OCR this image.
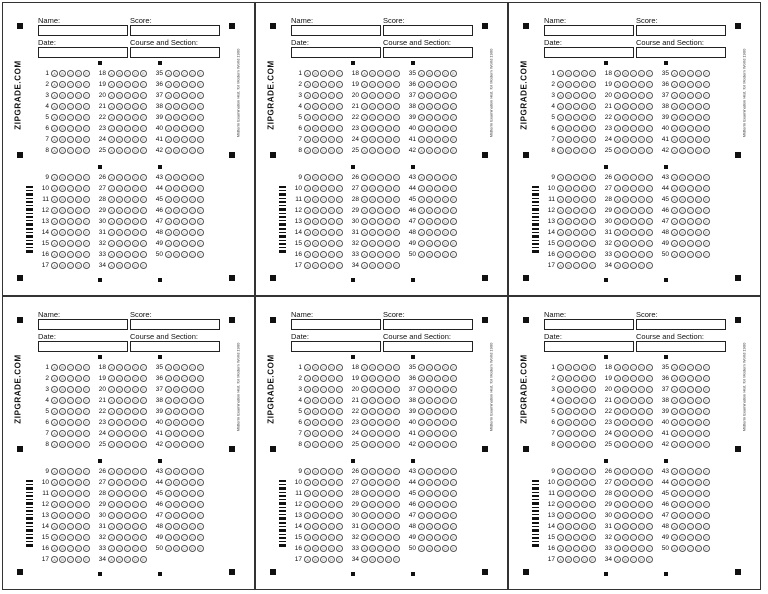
Name:	Score:
Date:	Course and Section:
ZIPGRADE.COM	Midterm Examination Hist. for Modern World 1900
1	A	B	C	D	E
2	A	B	C	D	E
3	A	B	C	D	E
4	A	B	C	D	E
5	A	B	C	D	E
6	A	B	C	D	E
7	A	B	C	D	E
8	A	B	C	D	E
18	A	B	C	D	E
19	A	B	C	D	E
20	A	B	C	D	E
21	A	B	C	D	E
22	A	B	C	D	E
23	A	B	C	D	E
24	A	B	C	D	E
25	A	B	C	D	E
35	A	B	C	D	E
36	A	B	C	D	E
37	A	B	C	D	E
38	A	B	C	D	E
39	A	B	C	D	E
40	A	B	C	D	E
41	A	B	C	D	E
42	A	B	C	D	E
9	A	B	C	D	E
10	A	B	C	D	E
11	A	B	C	D	E
12	A	B	C	D	E
13	A	B	C	D	E
14	A	B	C	D	E
15	A	B	C	D	E
16	A	B	C	D	E
17	A	B	C	D	E
26	A	B	C	D	E
27	A	B	C	D	E
28	A	B	C	D	E
29	A	B	C	D	E
30	A	B	C	D	E
31	A	B	C	D	E
32	A	B	C	D	E
33	A	B	C	D	E
34	A	B	C	D	E
43	A	B	C	D	E
44	A	B	C	D	E
45	A	B	C	D	E
46	A	B	C	D	E
47	A	B	C	D	E
48	A	B	C	D	E
49	A	B	C	D	E
50	A	B	C	D	E
Name:	Score:
Date:	Course and Section:
ZIPGRADE.COM	Midterm Examination Hist. for Modern World 1900
1	A	B	C	D	E
2	A	B	C	D	E
3	A	B	C	D	E
4	A	B	C	D	E
5	A	B	C	D	E
6	A	B	C	D	E
7	A	B	C	D	E
8	A	B	C	D	E
18	A	B	C	D	E
19	A	B	C	D	E
20	A	B	C	D	E
21	A	B	C	D	E
22	A	B	C	D	E
23	A	B	C	D	E
24	A	B	C	D	E
25	A	B	C	D	E
35	A	B	C	D	E
36	A	B	C	D	E
37	A	B	C	D	E
38	A	B	C	D	E
39	A	B	C	D	E
40	A	B	C	D	E
41	A	B	C	D	E
42	A	B	C	D	E
9	A	B	C	D	E
10	A	B	C	D	E
11	A	B	C	D	E
12	A	B	C	D	E
13	A	B	C	D	E
14	A	B	C	D	E
15	A	B	C	D	E
16	A	B	C	D	E
17	A	B	C	D	E
26	A	B	C	D	E
27	A	B	C	D	E
28	A	B	C	D	E
29	A	B	C	D	E
30	A	B	C	D	E
31	A	B	C	D	E
32	A	B	C	D	E
33	A	B	C	D	E
34	A	B	C	D	E
43	A	B	C	D	E
44	A	B	C	D	E
45	A	B	C	D	E
46	A	B	C	D	E
47	A	B	C	D	E
48	A	B	C	D	E
49	A	B	C	D	E
50	A	B	C	D	E
Name:	Score:
Date:	Course and Section:
ZIPGRADE.COM	Midterm Examination Hist. for Modern World 1900
1	A	B	C	D	E
2	A	B	C	D	E
3	A	B	C	D	E
4	A	B	C	D	E
5	A	B	C	D	E
6	A	B	C	D	E
7	A	B	C	D	E
8	A	B	C	D	E
18	A	B	C	D	E
19	A	B	C	D	E
20	A	B	C	D	E
21	A	B	C	D	E
22	A	B	C	D	E
23	A	B	C	D	E
24	A	B	C	D	E
25	A	B	C	D	E
35	A	B	C	D	E
36	A	B	C	D	E
37	A	B	C	D	E
38	A	B	C	D	E
39	A	B	C	D	E
40	A	B	C	D	E
41	A	B	C	D	E
42	A	B	C	D	E
9	A	B	C	D	E
10	A	B	C	D	E
11	A	B	C	D	E
12	A	B	C	D	E
13	A	B	C	D	E
14	A	B	C	D	E
15	A	B	C	D	E
16	A	B	C	D	E
17	A	B	C	D	E
26	A	B	C	D	E
27	A	B	C	D	E
28	A	B	C	D	E
29	A	B	C	D	E
30	A	B	C	D	E
31	A	B	C	D	E
32	A	B	C	D	E
33	A	B	C	D	E
34	A	B	C	D	E
43	A	B	C	D	E
44	A	B	C	D	E
45	A	B	C	D	E
46	A	B	C	D	E
47	A	B	C	D	E
48	A	B	C	D	E
49	A	B	C	D	E
50	A	B	C	D	E
Name:	Score:
Date:	Course and Section:
ZIPGRADE.COM	Midterm Examination Hist. for Modern World 1900
1	A	B	C	D	E
2	A	B	C	D	E
3	A	B	C	D	E
4	A	B	C	D	E
5	A	B	C	D	E
6	A	B	C	D	E
7	A	B	C	D	E
8	A	B	C	D	E
18	A	B	C	D	E
19	A	B	C	D	E
20	A	B	C	D	E
21	A	B	C	D	E
22	A	B	C	D	E
23	A	B	C	D	E
24	A	B	C	D	E
25	A	B	C	D	E
35	A	B	C	D	E
36	A	B	C	D	E
37	A	B	C	D	E
38	A	B	C	D	E
39	A	B	C	D	E
40	A	B	C	D	E
41	A	B	C	D	E
42	A	B	C	D	E
9	A	B	C	D	E
10	A	B	C	D	E
11	A	B	C	D	E
12	A	B	C	D	E
13	A	B	C	D	E
14	A	B	C	D	E
15	A	B	C	D	E
16	A	B	C	D	E
17	A	B	C	D	E
26	A	B	C	D	E
27	A	B	C	D	E
28	A	B	C	D	E
29	A	B	C	D	E
30	A	B	C	D	E
31	A	B	C	D	E
32	A	B	C	D	E
33	A	B	C	D	E
34	A	B	C	D	E
43	A	B	C	D	E
44	A	B	C	D	E
45	A	B	C	D	E
46	A	B	C	D	E
47	A	B	C	D	E
48	A	B	C	D	E
49	A	B	C	D	E
50	A	B	C	D	E
Name:	Score:
Date:	Course and Section:
ZIPGRADE.COM	Midterm Examination Hist. for Modern World 1900
1	A	B	C	D	E
2	A	B	C	D	E
3	A	B	C	D	E
4	A	B	C	D	E
5	A	B	C	D	E
6	A	B	C	D	E
7	A	B	C	D	E
8	A	B	C	D	E
18	A	B	C	D	E
19	A	B	C	D	E
20	A	B	C	D	E
21	A	B	C	D	E
22	A	B	C	D	E
23	A	B	C	D	E
24	A	B	C	D	E
25	A	B	C	D	E
35	A	B	C	D	E
36	A	B	C	D	E
37	A	B	C	D	E
38	A	B	C	D	E
39	A	B	C	D	E
40	A	B	C	D	E
41	A	B	C	D	E
42	A	B	C	D	E
9	A	B	C	D	E
10	A	B	C	D	E
11	A	B	C	D	E
12	A	B	C	D	E
13	A	B	C	D	E
14	A	B	C	D	E
15	A	B	C	D	E
16	A	B	C	D	E
17	A	B	C	D	E
26	A	B	C	D	E
27	A	B	C	D	E
28	A	B	C	D	E
29	A	B	C	D	E
30	A	B	C	D	E
31	A	B	C	D	E
32	A	B	C	D	E
33	A	B	C	D	E
34	A	B	C	D	E
43	A	B	C	D	E
44	A	B	C	D	E
45	A	B	C	D	E
46	A	B	C	D	E
47	A	B	C	D	E
48	A	B	C	D	E
49	A	B	C	D	E
50	A	B	C	D	E
Name:	Score:
Date:	Course and Section:
ZIPGRADE.COM	Midterm Examination Hist. for Modern World 1900
1	A	B	C	D	E
2	A	B	C	D	E
3	A	B	C	D	E
4	A	B	C	D	E
5	A	B	C	D	E
6	A	B	C	D	E
7	A	B	C	D	E
8	A	B	C	D	E
18	A	B	C	D	E
19	A	B	C	D	E
20	A	B	C	D	E
21	A	B	C	D	E
22	A	B	C	D	E
23	A	B	C	D	E
24	A	B	C	D	E
25	A	B	C	D	E
35	A	B	C	D	E
36	A	B	C	D	E
37	A	B	C	D	E
38	A	B	C	D	E
39	A	B	C	D	E
40	A	B	C	D	E
41	A	B	C	D	E
42	A	B	C	D	E
9	A	B	C	D	E
10	A	B	C	D	E
11	A	B	C	D	E
12	A	B	C	D	E
13	A	B	C	D	E
14	A	B	C	D	E
15	A	B	C	D	E
16	A	B	C	D	E
17	A	B	C	D	E
26	A	B	C	D	E
27	A	B	C	D	E
28	A	B	C	D	E
29	A	B	C	D	E
30	A	B	C	D	E
31	A	B	C	D	E
32	A	B	C	D	E
33	A	B	C	D	E
34	A	B	C	D	E
43	A	B	C	D	E
44	A	B	C	D	E
45	A	B	C	D	E
46	A	B	C	D	E
47	A	B	C	D	E
48	A	B	C	D	E
49	A	B	C	D	E
50	A	B	C	D	E
